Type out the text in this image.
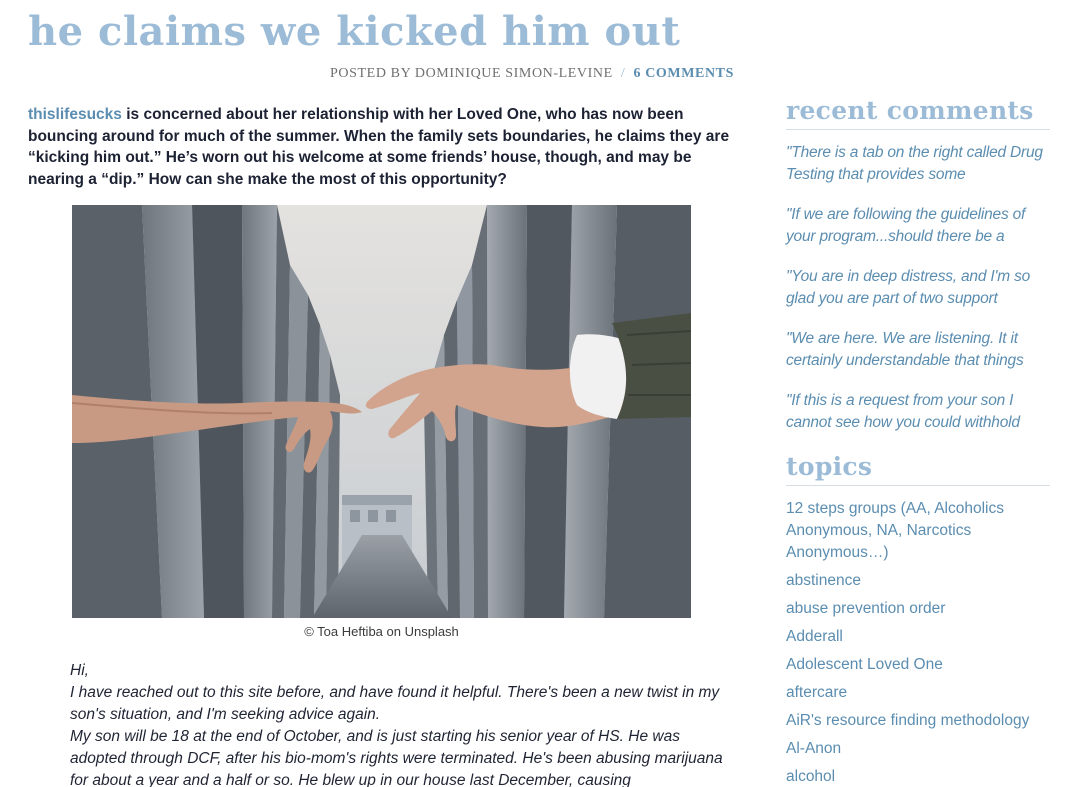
he claims we kicked him out
POSTED BY DOMINIQUE SIMON-LEVINE / 6 COMMENTS

thislifesucks is concerned about her relationship with her Loved One, who has now been bouncing around for much of the summer. When the family sets boundaries, he claims they are “kicking him out.” He’s worn out his welcome at some friends’ house, though, and may be nearing a “dip.” How can she make the most of this opportunity?

© Toa Heftiba on Unsplash

Hi,

I have reached out to this site before, and have found it helpful. There's been a new twist in my son's situation, and I'm seeking advice again.

My son will be 18 at the end of October, and is just starting his senior year of HS. He was adopted through DCF, after his bio-mom's rights were terminated. He's been abusing marijuana for about a year and a half or so. He blew up in our house last December, causing

recent comments
"There is a tab on the right called Drug Testing that provides some
"If we are following the guidelines of your program...should there be a
"You are in deep distress, and I'm so glad you are part of two support
"We are here. We are listening. It it certainly understandable that things
"If this is a request from your son I cannot see how you could withhold
topics
12 steps groups (AA, Alcoholics Anonymous, NA, Narcotics Anonymous…)
abstinence
abuse prevention order
Adderall
Adolescent Loved One
aftercare
AiR's resource finding methodology
Al-Anon
alcohol
